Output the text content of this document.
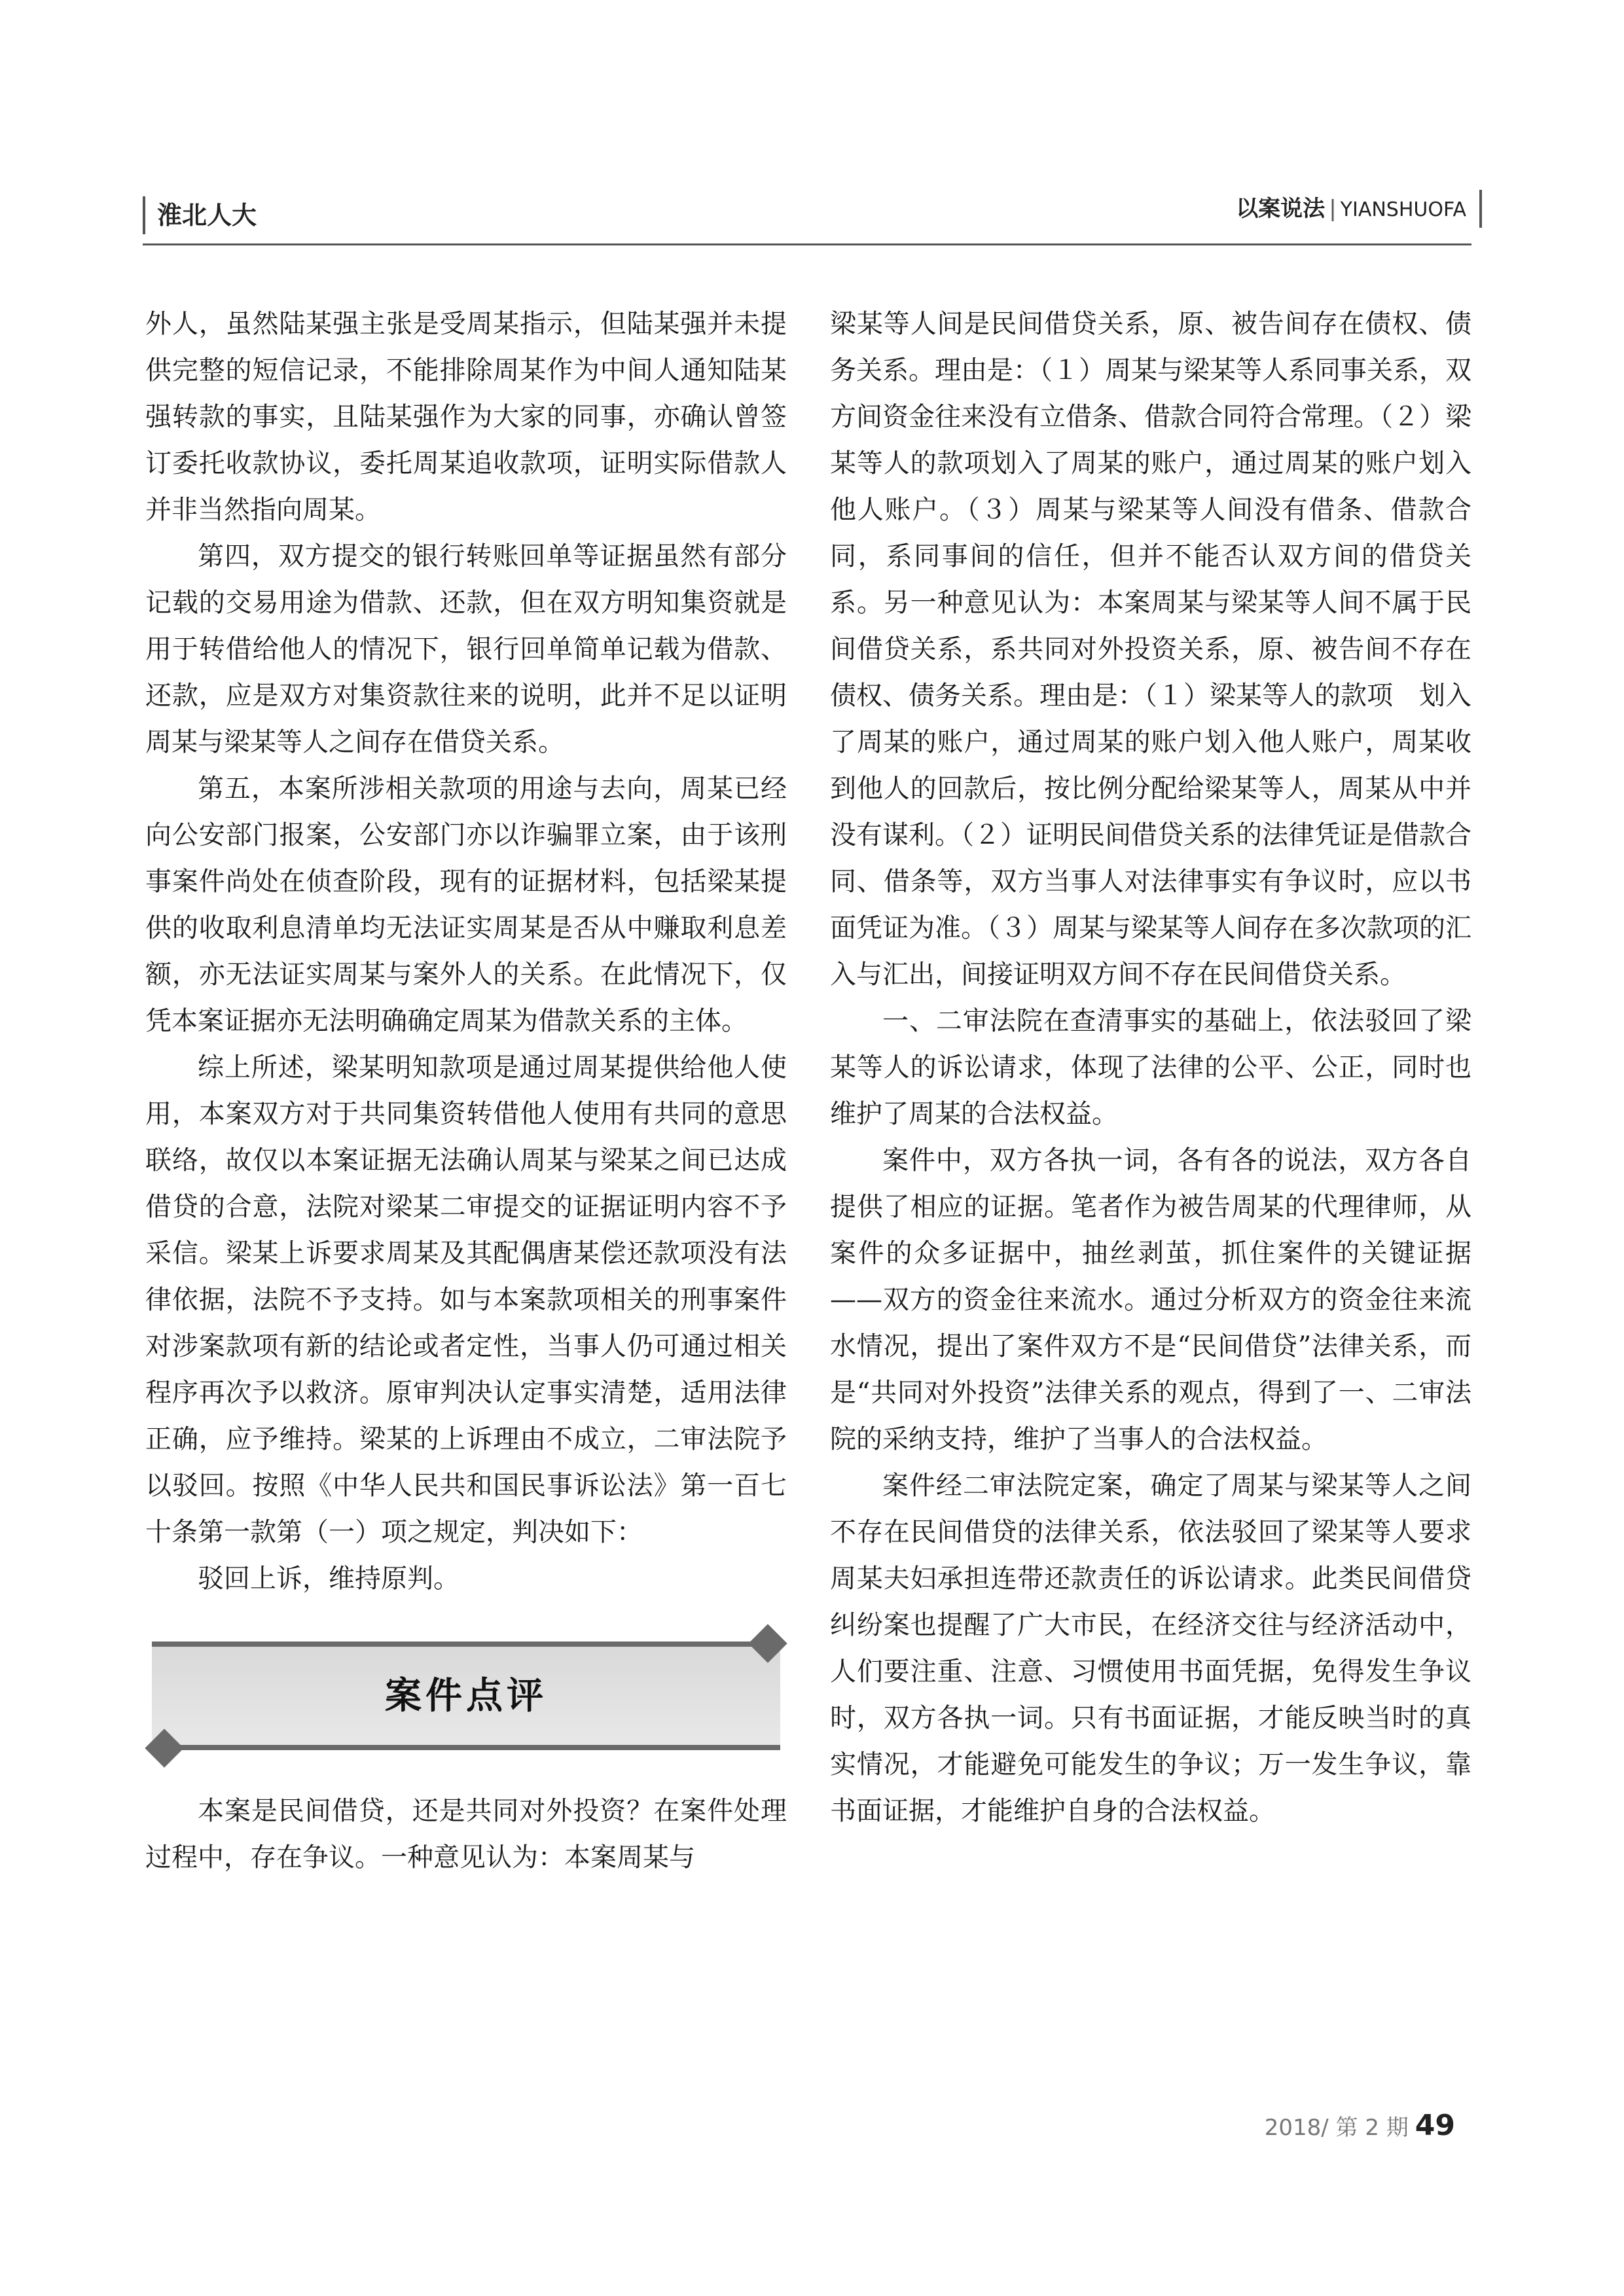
淮北人大	以案说法 | YIANSHUOFA

外人，虽然陆某强主张是受周某指示，但陆某强并未提供完整的短信记录，不能排除周某作为中间人通知陆某强转款的事实，且陆某强作为大家的同事，亦确认曾签订委托收款协议，委托周某追收款项，证明实际借款人并非当然指向周某。

第四，双方提交的银行转账回单等证据虽然有部分记载的交易用途为借款、还款，但在双方明知集资就是用于转借给他人的情况下，银行回单简单记载为借款、还款，应是双方对集资款往来的说明，此并不足以证明周某与梁某等人之间存在借贷关系。

第五，本案所涉相关款项的用途与去向，周某已经向公安部门报案，公安部门亦以诈骗罪立案，由于该刑事案件尚处在侦查阶段，现有的证据材料，包括梁某提供的收取利息清单均无法证实周某是否从中赚取利息差额，亦无法证实周某与案外人的关系。在此情况下，仅凭本案证据亦无法明确确定周某为借款关系的主体。

综上所述，梁某明知款项是通过周某提供给他人使用，本案双方对于共同集资转借他人使用有共同的意思联络，故仅以本案证据无法确认周某与梁某之间已达成借贷的合意，法院对梁某二审提交的证据证明内容不予采信。梁某上诉要求周某及其配偶唐某偿还款项没有法律依据，法院不予支持。如与本案款项相关的刑事案件对涉案款项有新的结论或者定性，当事人仍可通过相关程序再次予以救济。原审判决认定事实清楚，适用法律正确，应予维持。梁某的上诉理由不成立，二审法院予以驳回。按照《中华人民共和国民事诉讼法》第一百七十条第一款第（一）项之规定，判决如下：

驳回上诉，维持原判。

案件点评

本案是民间借贷，还是共同对外投资？在案件处理过程中，存在争议。一种意见认为：本案周某与

梁某等人间是民间借贷关系，原、被告间存在债权、债务关系。理由是：（１）周某与梁某等人系同事关系，双方间资金往来没有立借条、借款合同符合常理。（２）梁某等人的款项划入了周某的账户，通过周某的账户划入他人账户。（３）周某与梁某等人间没有借条、借款合同，系同事间的信任，但并不能否认双方间的借贷关系。另一种意见认为：本案周某与梁某等人间不属于民间借贷关系，系共同对外投资关系，原、被告间不存在债权、债务关系。理由是：（１）梁某等人的款项　划入了周某的账户，通过周某的账户划入他人账户，周某收到他人的回款后，按比例分配给梁某等人，周某从中并没有谋利。（２）证明民间借贷关系的法律凭证是借款合同、借条等，双方当事人对法律事实有争议时，应以书面凭证为准。（３）周某与梁某等人间存在多次款项的汇入与汇出，间接证明双方间不存在民间借贷关系。

一、二审法院在查清事实的基础上，依法驳回了梁某等人的诉讼请求，体现了法律的公平、公正，同时也维护了周某的合法权益。

案件中，双方各执一词，各有各的说法，双方各自提供了相应的证据。笔者作为被告周某的代理律师，从案件的众多证据中，抽丝剥茧，抓住案件的关键证据——双方的资金往来流水。通过分析双方的资金往来流水情况，提出了案件双方不是“民间借贷”法律关系，而是“共同对外投资”法律关系的观点，得到了一、二审法院的采纳支持，维护了当事人的合法权益。

案件经二审法院定案，确定了周某与梁某等人之间不存在民间借贷的法律关系，依法驳回了梁某等人要求周某夫妇承担连带还款责任的诉讼请求。此类民间借贷纠纷案也提醒了广大市民，在经济交往与经济活动中，人们要注重、注意、习惯使用书面凭据，免得发生争议时，双方各执一词。只有书面证据，才能反映当时的真实情况，才能避免可能发生的争议；万一发生争议，靠书面证据，才能维护自身的合法权益。

2018/ 第 2 期 49
